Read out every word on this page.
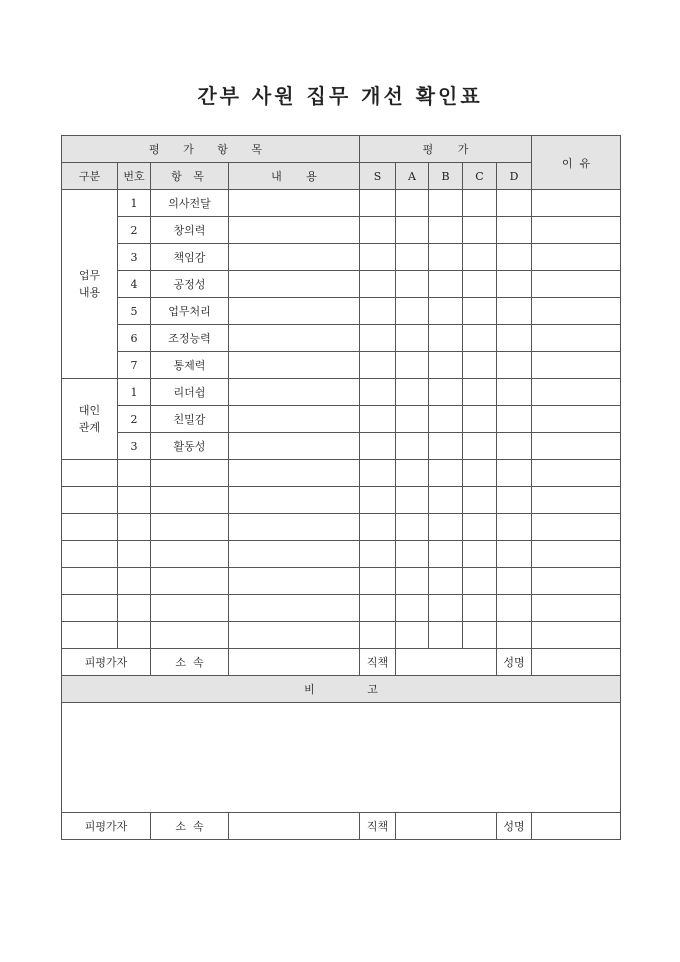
간부 사원 집무 개선 확인표
평 가 항 목				평       가					이  유
구분	번호	항 목	내       용	S	A	B	C	D	
업무
내용	1	의사전달							
	2	창의력							
	3	책임감							
	4	공정성							
	5	업무처리							
	6	조정능력							
	7	통제력							
대인
관계	1	리더쉽							
	2	친밀감							
	3	활동성							

피평가자		소  속		직책				성명	
비               고									

피평가자		소  속		직책				성명	
